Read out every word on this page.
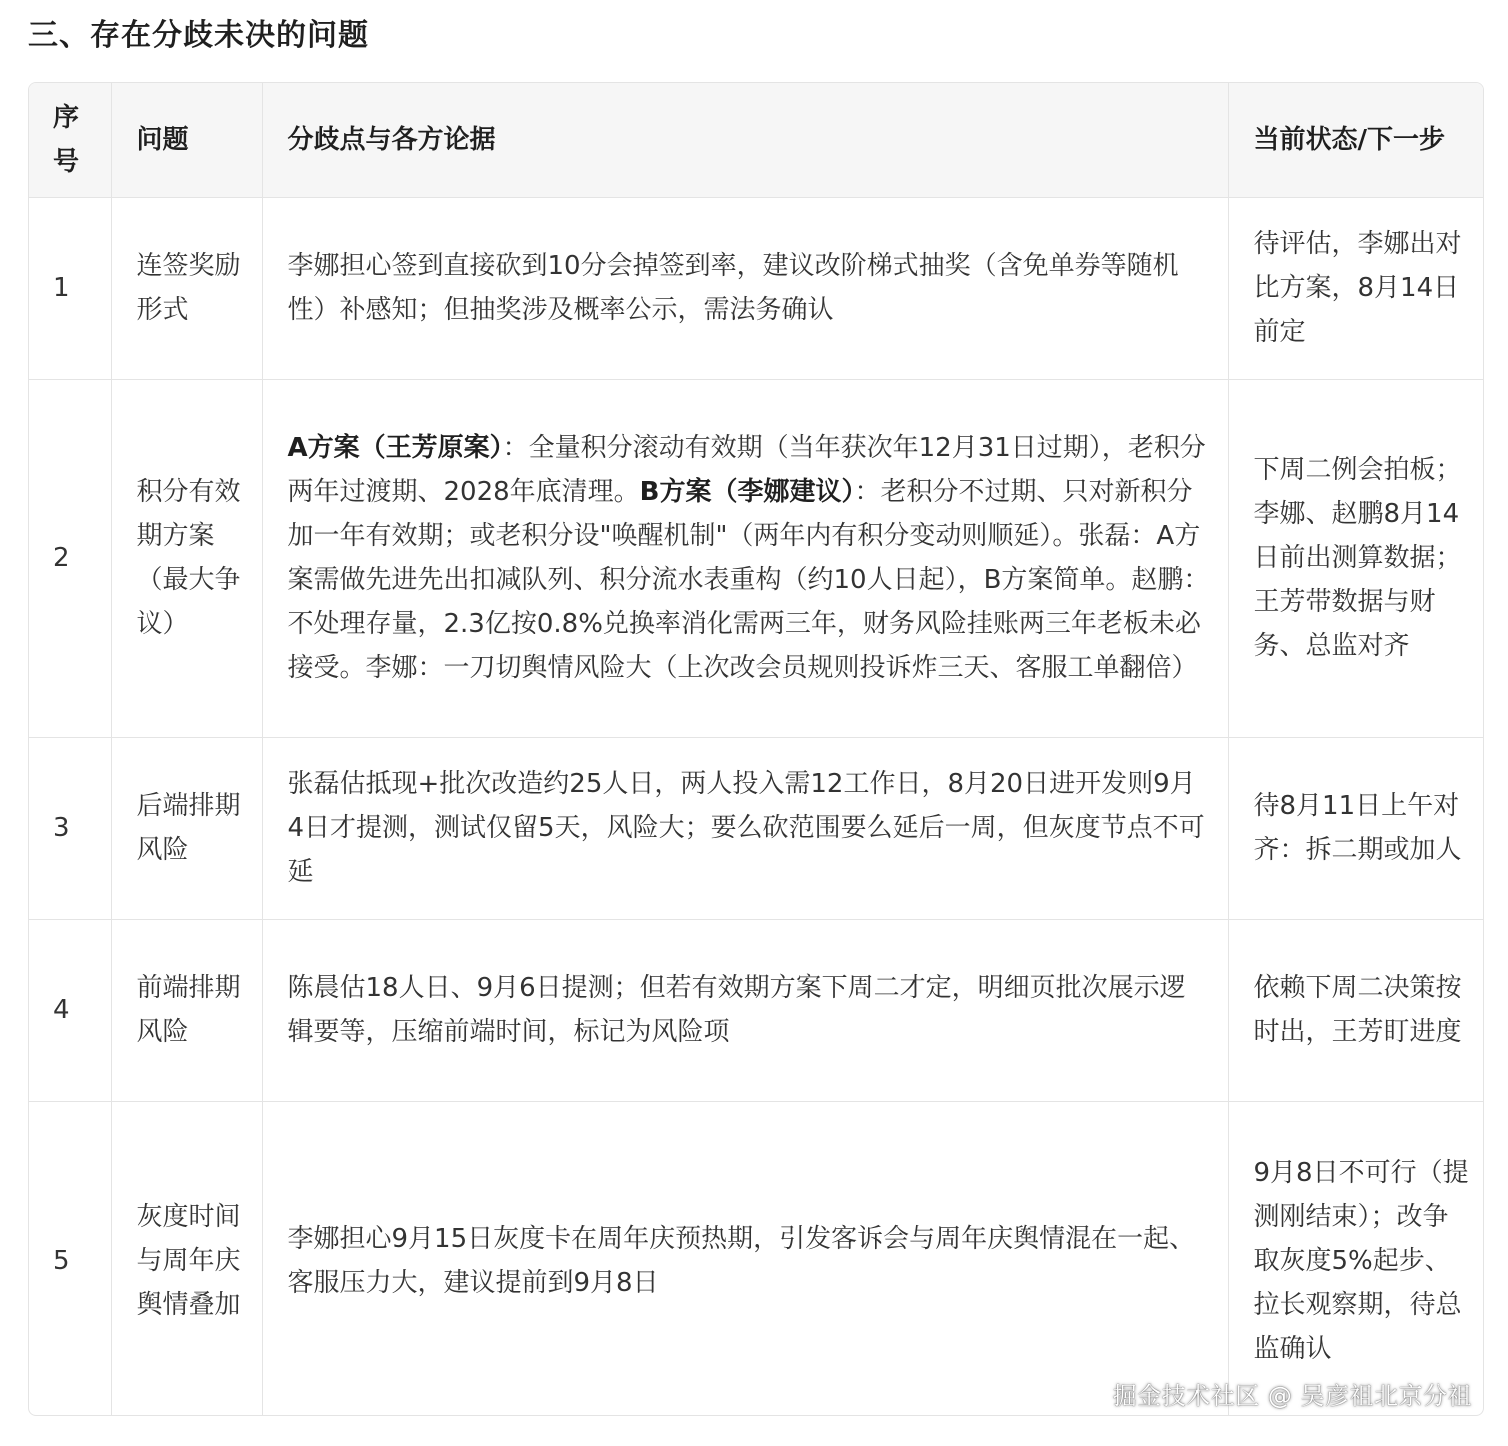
三、存在分歧未决的问题
序号	问题	分歧点与各方论据	当前状态/下一步
1	连签奖励形式	李娜担心签到直接砍到10分会掉签到率，建议改阶梯式抽奖（含免单券等随机性）补感知；但抽奖涉及概率公示，需法务确认	待评估，李娜出对比方案，8月14日前定
2	积分有效期方案（最大争议）	A方案（王芳原案）：全量积分滚动有效期（当年获次年12月31日过期），老积分两年过渡期、2028年底清理。B方案（李娜建议）：老积分不过期、只对新积分加一年有效期；或老积分设"唤醒机制"（两年内有积分变动则顺延）。张磊：A方案需做先进先出扣减队列、积分流水表重构（约10人日起），B方案简单。赵鹏：不处理存量，2.3亿按0.8%兑换率消化需两三年，财务风险挂账两三年老板未必接受。李娜：一刀切舆情风险大（上次改会员规则投诉炸三天、客服工单翻倍）	下周二例会拍板；李娜、赵鹏8月14日前出测算数据；王芳带数据与财务、总监对齐
3	后端排期风险	张磊估抵现+批次改造约25人日，两人投入需12工作日，8月20日进开发则9月4日才提测，测试仅留5天，风险大；要么砍范围要么延后一周，但灰度节点不可延	待8月11日上午对齐：拆二期或加人
4	前端排期风险	陈晨估18人日、9月6日提测；但若有效期方案下周二才定，明细页批次展示逻辑要等，压缩前端时间，标记为风险项	依赖下周二决策按时出，王芳盯进度
5	灰度时间与周年庆舆情叠加	李娜担心9月15日灰度卡在周年庆预热期，引发客诉会与周年庆舆情混在一起、客服压力大，建议提前到9月8日	9月8日不可行（提测刚结束）；改争取灰度5%起步、拉长观察期，待总监确认
掘金技术社区 @ 吴彦祖北京分祖
